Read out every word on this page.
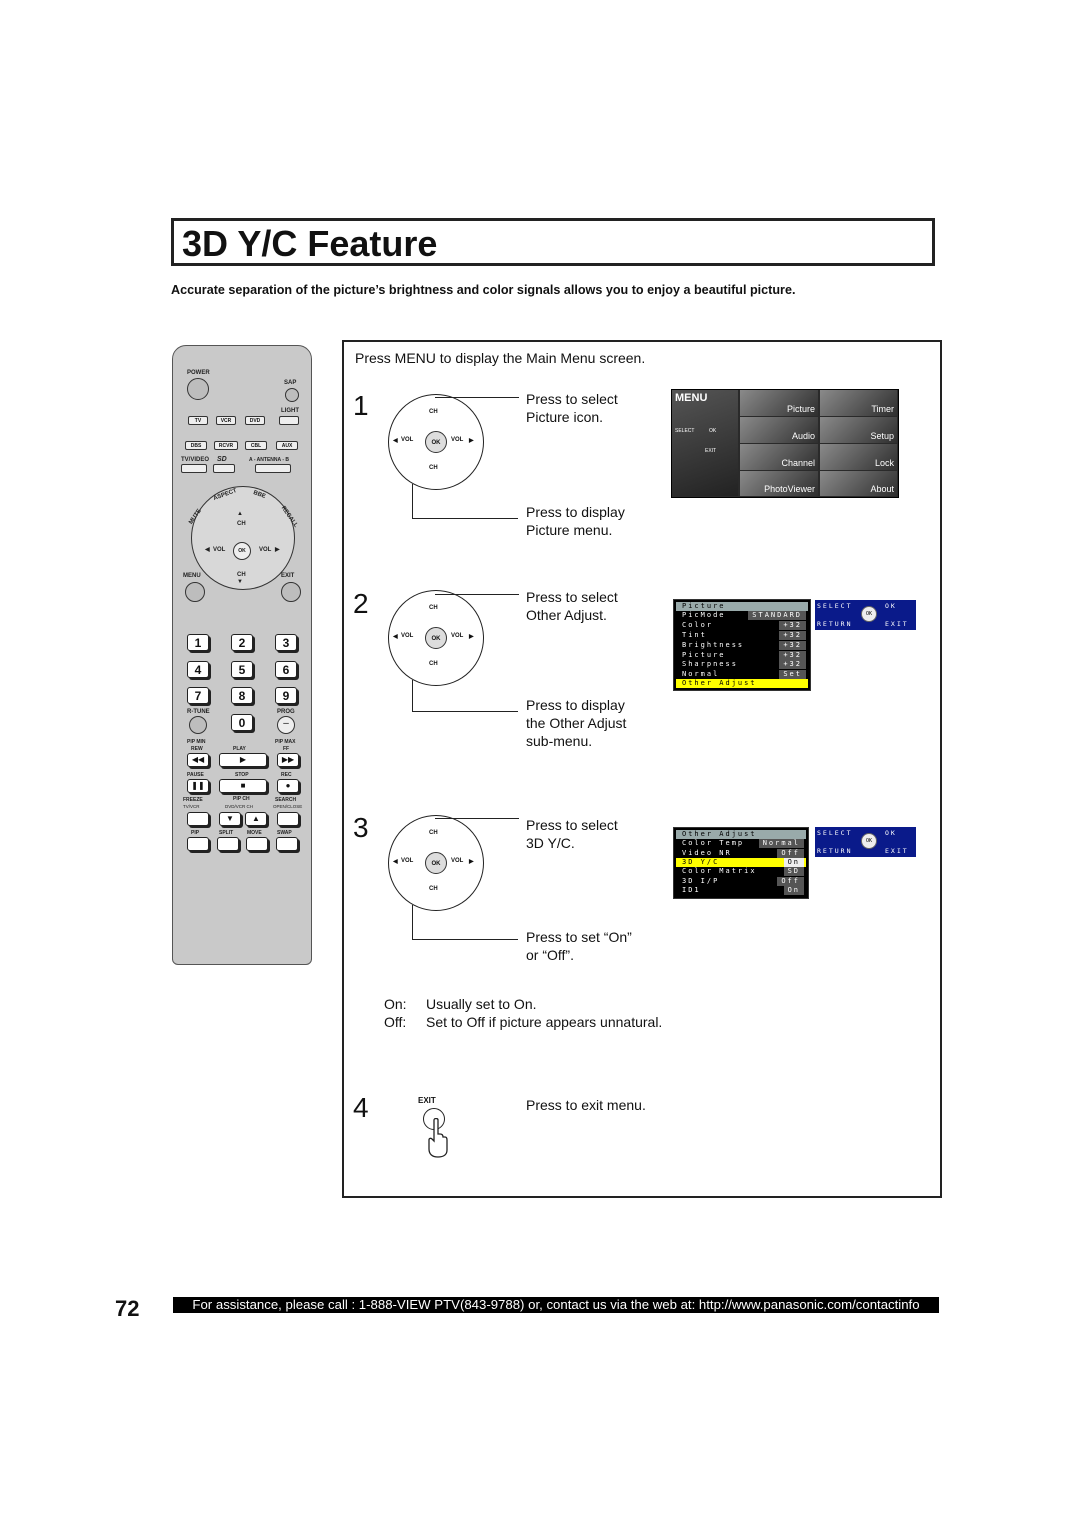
3D Y/C Feature
Accurate separation of the picture’s brightness and color signals allows you to enjoy a beautiful picture.
POWER
SAP
LIGHT
TV	VCR	DVD
DBS	RCVR	CBL	AUX
TV/VIDEO SD	A - ANTENNA - B
MUTE
ASPECT BBE
RECALL
▲
CH
◀ VOL	OK	VOL ▶
CH
▼
MENU	EXIT
1	2	3
4	5	6
7	8	9
R-TUNE	PROG
0	–
PIP MIN	PIP MAX
REW	PLAY	FF
◀◀	▶	▶▶
PAUSE	STOP	REC
❚❚	■	●
FREEZE	PIP CH	SEARCH
TV/VCR	DVD/VCR CH	OPEN/CLOSE
▼	▲
PIP	SPLIT	MOVE	SWAP
Press MENU to display the Main Menu screen.
1	CH
◀ VOL	OK	VOL ▶
CH
Press to select
Picture icon.
Press to display
Picture menu.
MENU

SELECT	OK

EXIT
Picture	Timer
Audio	Setup
Channel	Lock
PhotoViewer	About
2	CH
◀ VOL	OK	VOL ▶
CH
Press to select
Other Adjust.
Press to display
the Other Adjust
sub-menu.
Picture
PicMode	STANDARD
Color	+32
Tint	+32
Brightness	+32
Picture	+32
Sharpness	+32
Normal	Set
Other Adjust
SELECT
OK
OK
RETURN	EXIT
3	CH
◀ VOL	OK	VOL ▶
CH
Press to select
3D Y/C.
Press to set “On”
or “Off”.
Other Adjust
Color Temp	Normal
Video NR	Off
3D Y/C	On
Color Matrix	SD
3D I/P	Off
ID1	On
SELECT
OK
OK
RETURN	EXIT
On: Usually set to On.
Off: Set to Off if picture appears unnatural.
4	EXIT	Press to exit menu.
72	For assistance, please call : 1-888-VIEW PTV(843-9788) or, contact us via the web at: http://www.panasonic.com/contactinfo
